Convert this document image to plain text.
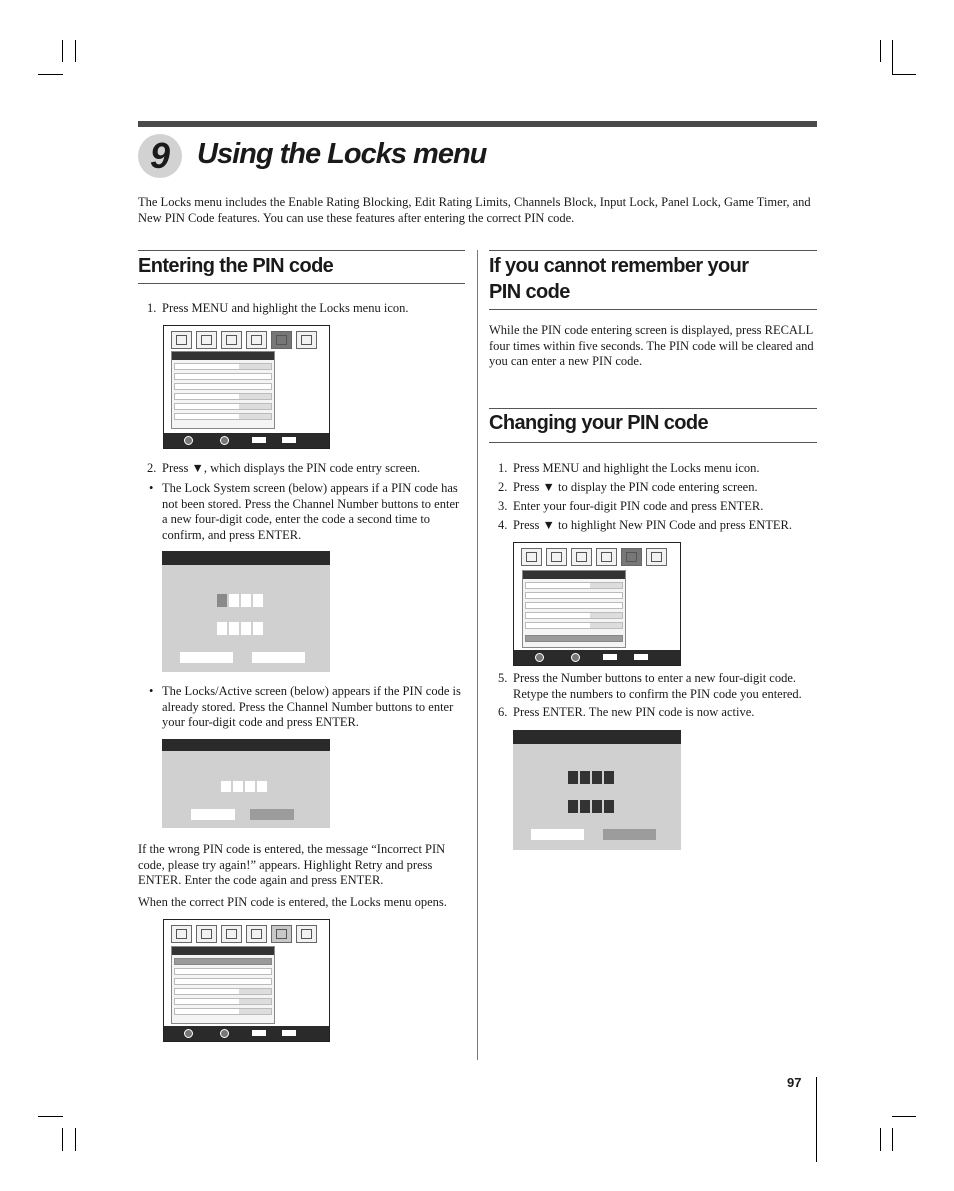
9 Using the Locks menu

The Locks menu includes the Enable Rating Blocking, Edit Rating Limits, Channels Block, Input Lock, Panel Lock, Game Timer, and New PIN Code features. You can use these features after entering the correct PIN code.

Entering the PIN code
1. Press MENU and highlight the Locks menu icon.
2. Press ▼, which displays the PIN code entry screen.
• The Lock System screen (below) appears if a PIN code has not been stored. Press the Channel Number buttons to enter a new four-digit code, enter the code a second time to confirm, and press ENTER.
• The Locks/Active screen (below) appears if the PIN code is already stored. Press the Channel Number buttons to enter your four-digit code and press ENTER.

If the wrong PIN code is entered, the message “Incorrect PIN code, please try again!” appears. Highlight Retry and press ENTER. Enter the code again and press ENTER.

When the correct PIN code is entered, the Locks menu opens.

If you cannot remember your
PIN code

While the PIN code entering screen is displayed, press RECALL four times within five seconds. The PIN code will be cleared and you can enter a new PIN code.

Changing your PIN code
1. Press MENU and highlight the Locks menu icon.
2. Press ▼ to display the PIN code entering screen.
3. Enter your four-digit PIN code and press ENTER.
4. Press ▼ to highlight New PIN Code and press ENTER.
5. Press the Number buttons to enter a new four-digit code. Retype the numbers to confirm the PIN code you entered.
6. Press ENTER. The new PIN code is now active.
97
